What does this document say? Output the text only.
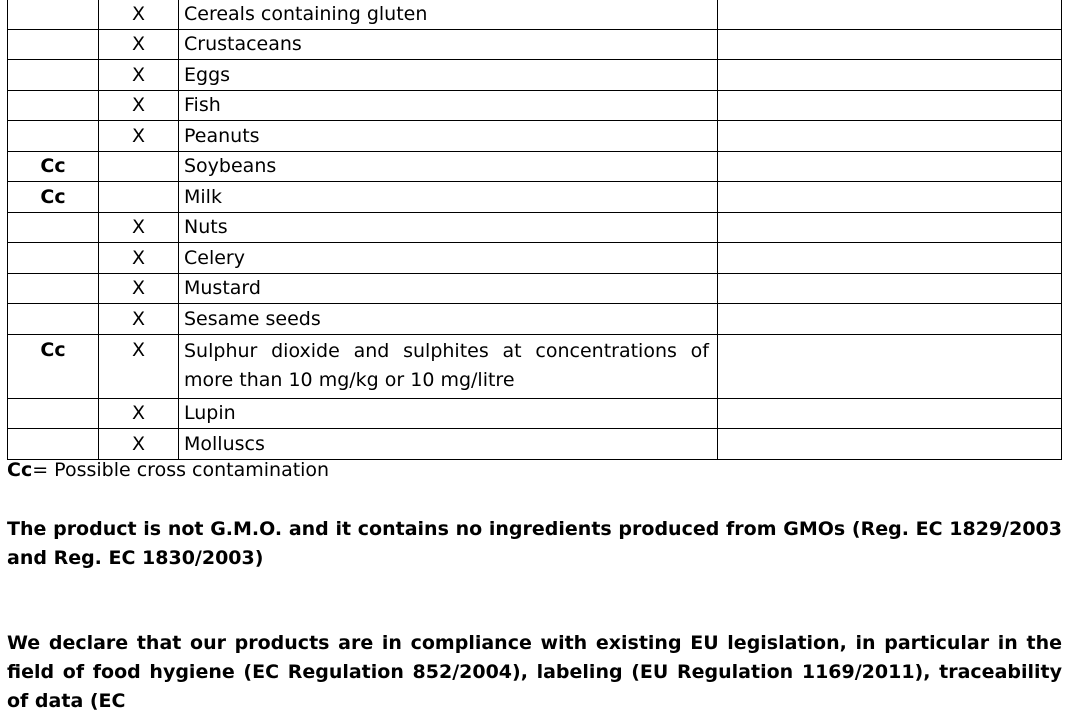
	X	Cereals containing gluten	
	X	Crustaceans	
	X	Eggs	
	X	Fish	
	X	Peanuts	
Cc		Soybeans	
Cc		Milk	
	X	Nuts	
	X	Celery	
	X	Mustard	
	X	Sesame seeds	
Cc	X	Sulphur dioxide and sulphites at concentrations of more than 10 mg/kg or 10 mg/litre	
	X	Lupin	
	X	Molluscs	
Cc= Possible cross contamination
The product is not G.M.O. and it contains no ingredients produced from GMOs (Reg. EC 1829/2003 and Reg. EC 1830/2003)
We declare that our products are in compliance with existing EU legislation, in particular in the field of food hygiene (EC Regulation 852/2004), labeling (EU Regulation 1169/2011), traceability of data (EC
